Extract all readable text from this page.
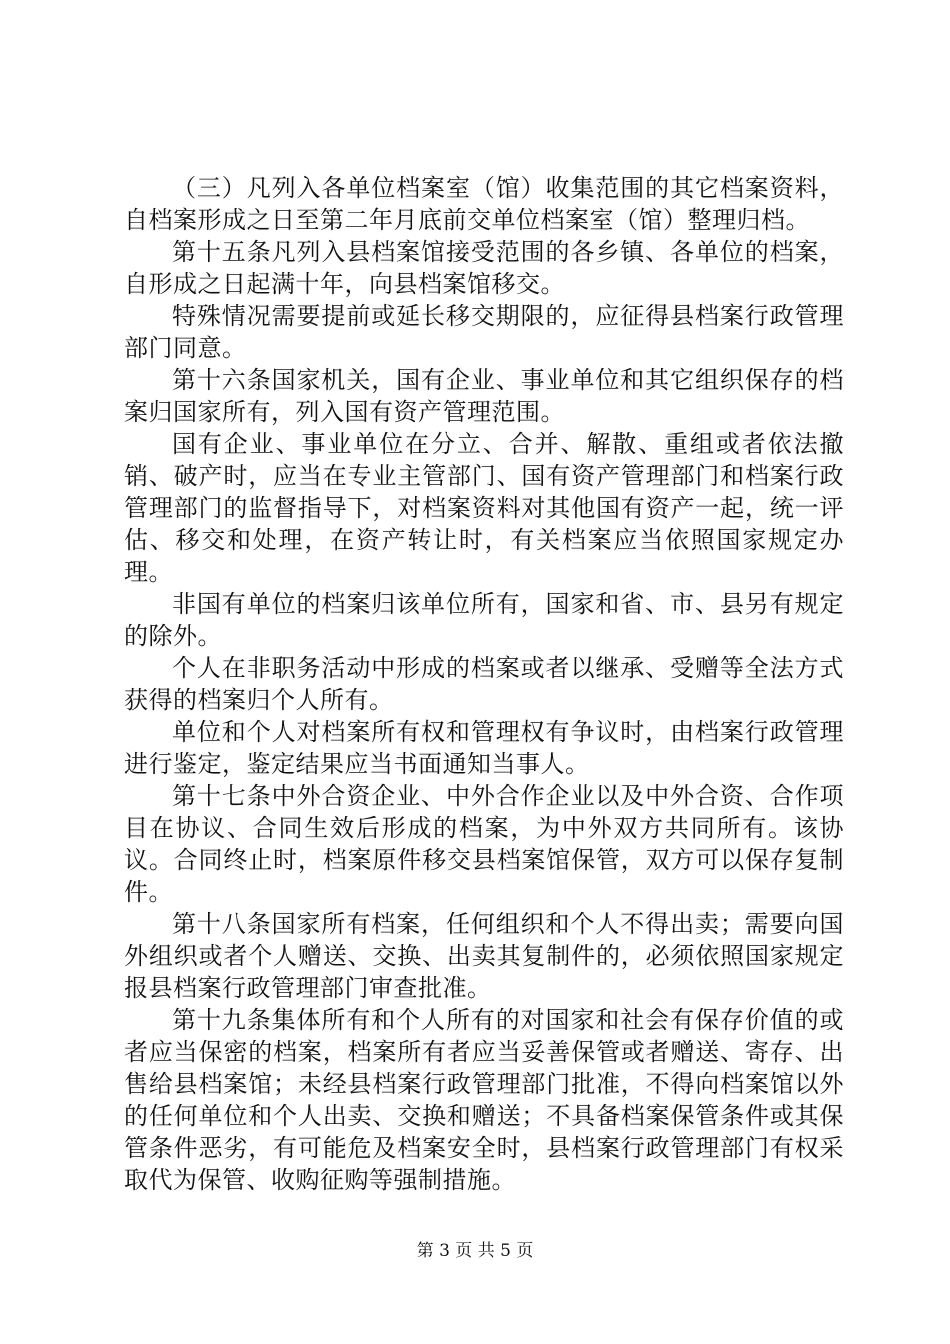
（三）凡列入各单位档案室（馆）收集范围的其它档案资料，自档案形成之日至第二年月底前交单位档案室（馆）整理归档。

第十五条凡列入县档案馆接受范围的各乡镇、各单位的档案，自形成之日起满十年，向县档案馆移交。

特殊情况需要提前或延长移交期限的，应征得县档案行政管理部门同意。

第十六条国家机关，国有企业、事业单位和其它组织保存的档案归国家所有，列入国有资产管理范围。

国有企业、事业单位在分立、合并、解散、重组或者依法撤销、破产时，应当在专业主管部门、国有资产管理部门和档案行政管理部门的监督指导下，对档案资料对其他国有资产一起，统一评估、移交和处理，在资产转让时，有关档案应当依照国家规定办理。

非国有单位的档案归该单位所有，国家和省、市、县另有规定的除外。

个人在非职务活动中形成的档案或者以继承、受赠等全法方式获得的档案归个人所有。

单位和个人对档案所有权和管理权有争议时，由档案行政管理进行鉴定，鉴定结果应当书面通知当事人。

第十七条中外合资企业、中外合作企业以及中外合资、合作项目在协议、合同生效后形成的档案，为中外双方共同所有。该协议。合同终止时，档案原件移交县档案馆保管，双方可以保存复制件。

第十八条国家所有档案，任何组织和个人不得出卖；需要向国外组织或者个人赠送、交换、出卖其复制件的，必须依照国家规定报县档案行政管理部门审查批准。

第十九条集体所有和个人所有的对国家和社会有保存价值的或者应当保密的档案，档案所有者应当妥善保管或者赠送、寄存、出售给县档案馆；未经县档案行政管理部门批准，不得向档案馆以外的任何单位和个人出卖、交换和赠送；不具备档案保管条件或其保管条件恶劣，有可能危及档案安全时，县档案行政管理部门有权采取代为保管、收购征购等强制措施。

第 3 页 共 5 页
